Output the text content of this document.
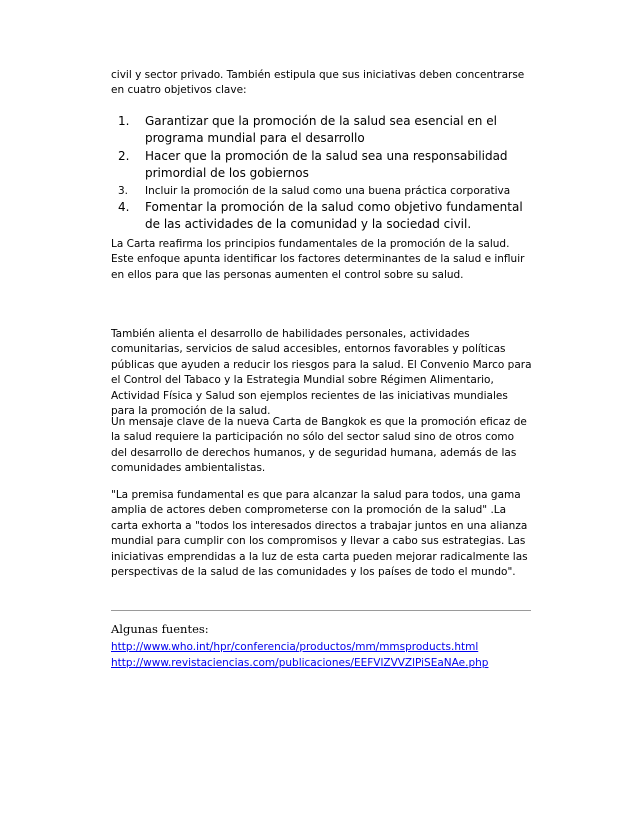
civil y sector privado. También estipula que sus iniciativas deben concentrarse en cuatro objetivos clave:

1. Garantizar que la promoción de la salud sea esencial en el programa mundial para el desarrollo
2. Hacer que la promoción de la salud sea una responsabilidad primordial de los gobiernos
3. Incluir la promoción de la salud como una buena práctica corporativa
4. Fomentar la promoción de la salud como objetivo fundamental de las actividades de la comunidad y la sociedad civil.

La Carta reafirma los principios fundamentales de la promoción de la salud. Este enfoque apunta identificar los factores determinantes de la salud e influir en ellos para que las personas aumenten el control sobre su salud.

También alienta el desarrollo de habilidades personales, actividades comunitarias, servicios de salud accesibles, entornos favorables y políticas públicas que ayuden a reducir los riesgos para la salud. El Convenio Marco para el Control del Tabaco y la Estrategia Mundial sobre Régimen Alimentario, Actividad Física y Salud son ejemplos recientes de las iniciativas mundiales para la promoción de la salud.

Un mensaje clave de la nueva Carta de Bangkok es que la promoción eficaz de la salud requiere la participación no sólo del sector salud sino de otros como del desarrollo de derechos humanos, y de seguridad humana, además de las comunidades ambientalistas.

"La premisa fundamental es que para alcanzar la salud para todos, una gama amplia de actores deben comprometerse con la promoción de la salud" .La carta exhorta a "todos los interesados directos a trabajar juntos en una alianza mundial para cumplir con los compromisos y llevar a cabo sus estrategias. Las iniciativas emprendidas a la luz de esta carta pueden mejorar radicalmente las perspectivas de la salud de las comunidades y los países de todo el mundo".

Algunas fuentes:

http://www.who.int/hpr/conferencia/productos/mm/mmsproducts.html
http://www.revistaciencias.com/publicaciones/EEFVlZVVZlPiSEaNAe.php
